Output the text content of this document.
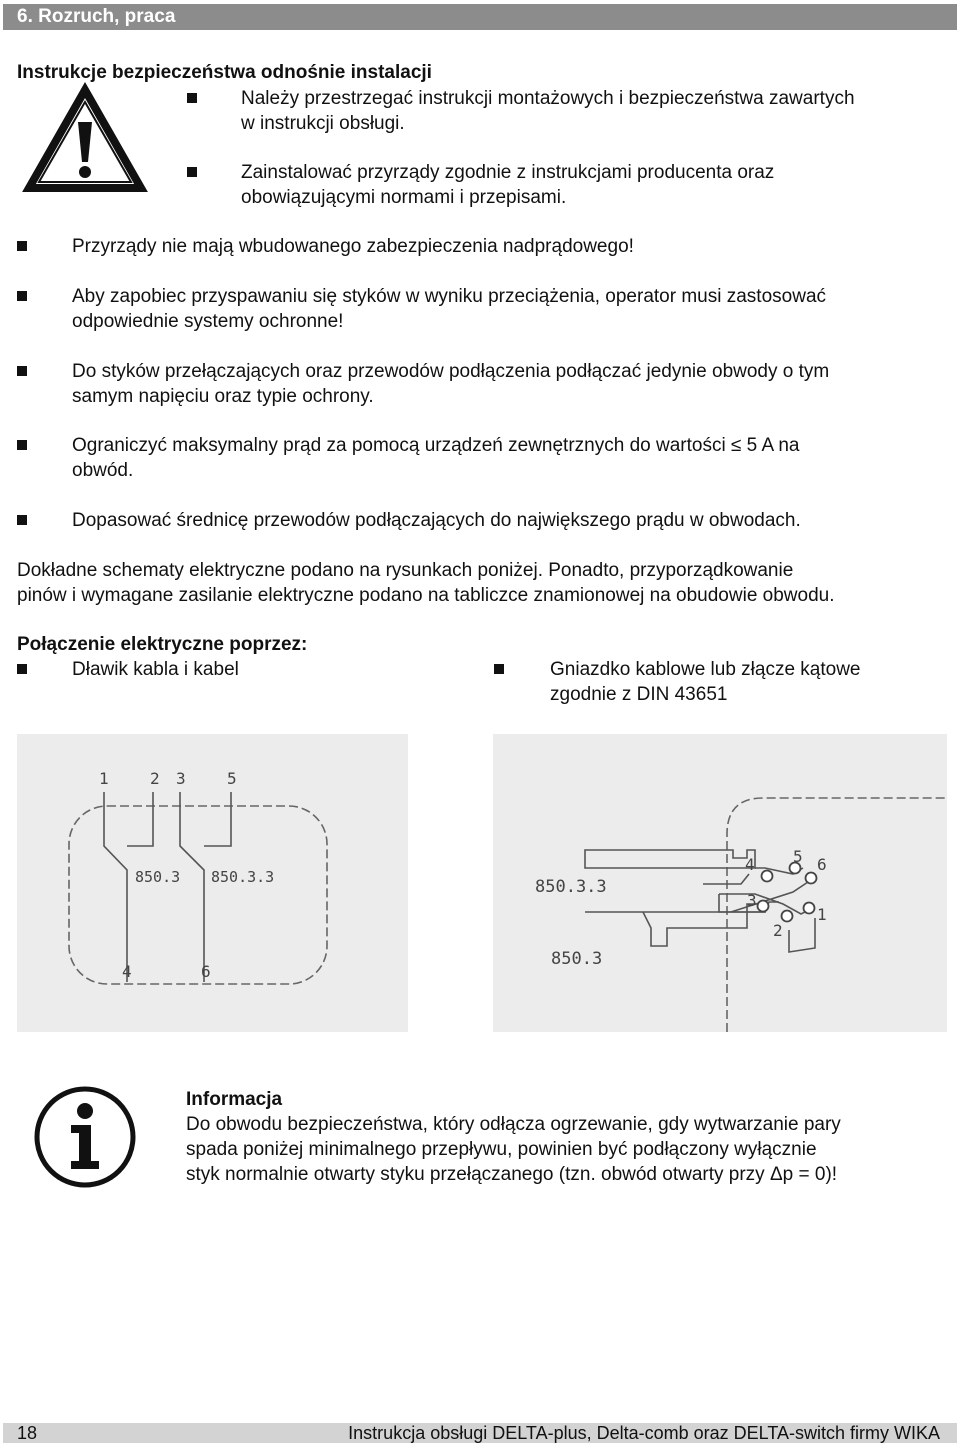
6. Rozruch, praca
Instrukcje bezpieczeństwa odnośnie instalacji
Należy przestrzegać instrukcji montażowych i bezpieczeństwa zawartych
w instrukcji obsługi.
Zainstalować przyrządy zgodnie z instrukcjami producenta oraz
obowiązującymi normami i przepisami.
Przyrządy nie mają wbudowanego zabezpieczenia nadprądowego!
Aby zapobiec przyspawaniu się styków w wyniku przeciążenia, operator musi zastosować
odpowiednie systemy ochronne!
Do styków przełączających oraz przewodów podłączenia podłączać jedynie obwody o tym
samym napięciu oraz typie ochrony.
Ograniczyć maksymalny prąd za pomocą urządzeń zewnętrznych do wartości ≤ 5 A na
obwód.
Dopasować średnicę przewodów podłączających do największego prądu w obwodach.
Dokładne schematy elektryczne podano na rysunkach poniżej. Ponadto, przyporządkowanie
pinów i wymagane zasilanie elektryczne podano na tabliczce znamionowej na obudowie obwodu.
Połączenie elektryczne poprzez:
Dławik kabla i kabel	Gniazdko kablowe lub złącze kątowe
zgodnie z DIN 43651
1	2 3	5
4	6
850.3 850.3.3
4 5 6
3
2
1
850.3.3
850.3
Informacja
Do obwodu bezpieczeństwa, który odłącza ogrzewanie, gdy wytwarzanie pary
spada poniżej minimalnego przepływu, powinien być podłączony wyłącznie
styk normalnie otwarty styku przełączanego (tzn. obwód otwarty przy Δp = 0)!
18	Instrukcja obsługi DELTA-plus, Delta-comb oraz DELTA-switch firmy WIKA
